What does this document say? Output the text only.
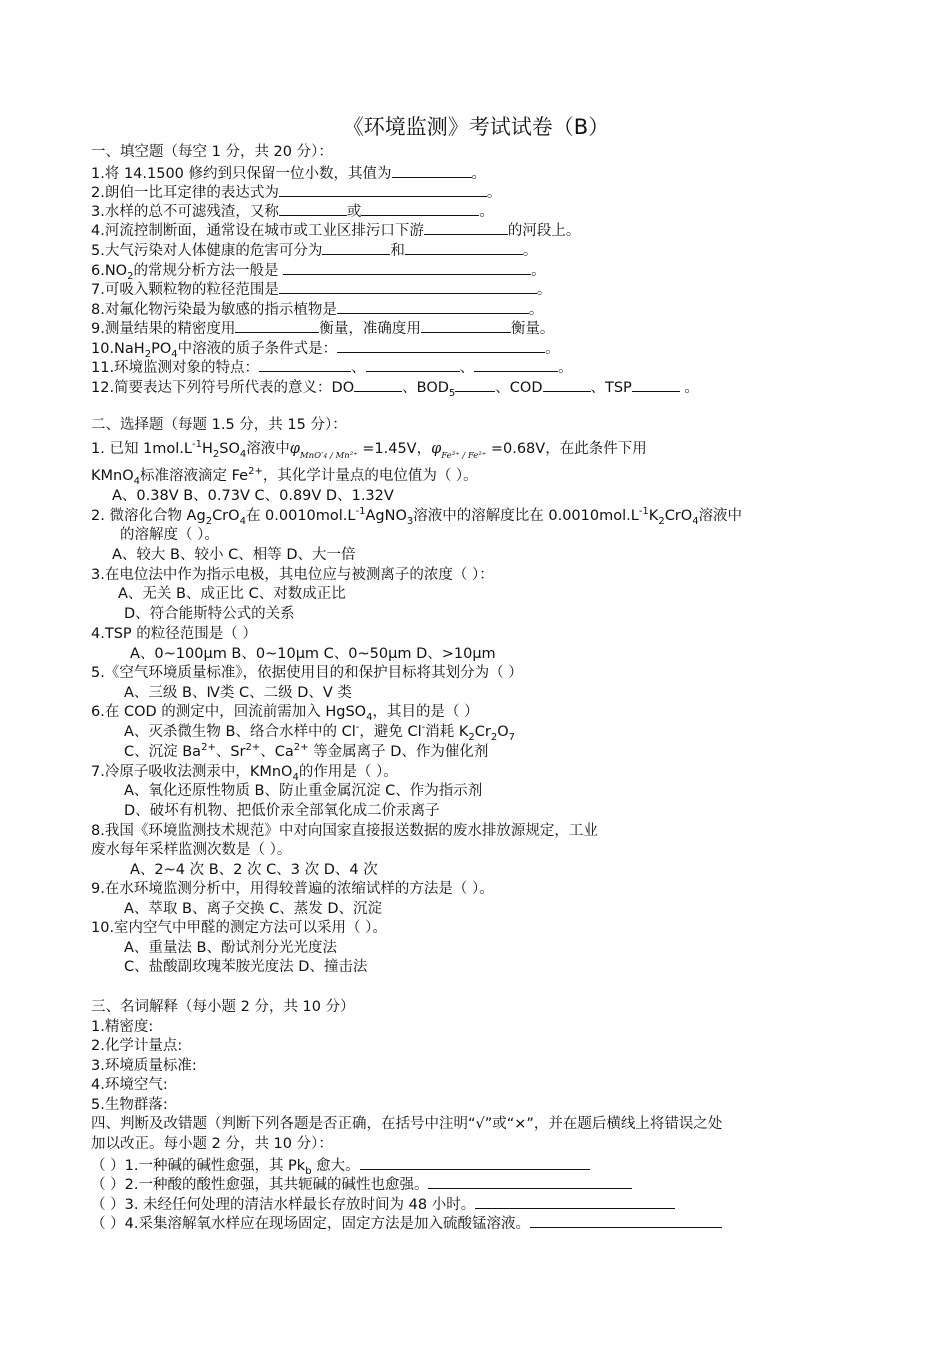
《环境监测》考试试卷（B）
一、填空题（每空 1 分，共 20 分）：
1.将 14.1500 修约到只保留一位小数，其值为	。
2.朗伯一比耳定律的表达式为	。
3.水样的总不可滤残渣，又称	或	。
4.河流控制断面，通常设在城市或工业区排污口下游	的河段上。
5.大气污染对人体健康的危害可分为	和	。
$6.NO_2$的常规分析方法一般是	。
7.可吸入颗粒物的粒径范围是	。
8.对氟化物污染最为敏感的指示植物是	。
9.测量结果的精密度用	衡量，准确度用	衡量。
$10.NaH_2PO_4$中溶液的质子条件式是：	。
11.环境监测对象的特点：	、	、	。
12.简要表达下列符号所代表的意义：DO	、$BOD_5$	、COD	、TSP	。
二、选择题（每题 1.5 分，共 15 分）：
1. 已知 $1mol.L^{-1}H_2SO_4$溶液中$\varphi_{MnO^-4 / Mn^{2+}} =1.45V$，$\varphi_{Fe^{3+} / Fe^{2+}} =0.68V$，在此条件下用
KMnO$_4$标准溶液滴定 $Fe^{2+}$，其化学计量点的电位值为（ ）。
A、0.38V B、0.73V C、0.89V D、1.32V
2. 微溶化合物 $Ag_2CrO_4$在 $0.0010mol.L^{-1}AgNO_3$溶液中的溶解度比在 $0.0010mol.L^{-1}K_2CrO_4$溶液中
的溶解度（ ）。
A、较大 B、较小 C、相等 D、大一倍
3.在电位法中作为指示电极，其电位应与被测离子的浓度（ ）：
A、无关 B、成正比 C、对数成正比
D、符合能斯特公式的关系
4.TSP 的粒径范围是（ ）
A、0~100μm B、0~10μm C、0~50μm D、>10μm
5.《空气环境质量标准》，依据使用目的和保护目标将其划分为（ ）
A、三级 B、Ⅳ类 C、二级 D、V 类
6.在 COD 的测定中，回流前需加入 HgSO$_4$，其目的是（ ）
A、灭杀微生物 B、络合水样中的 Cl-，避免 Cl-消耗 $K_2Cr_2O_7$
C、沉淀 $Ba^{2+}$、$Sr^{2+}$、$Ca^{2+}$ 等金属离子 D、作为催化剂
7.冷原子吸收法测汞中，KMnO$_4$的作用是（ ）。
A、氧化还原性物质 B、防止重金属沉淀 C、作为指示剂
D、破坏有机物、把低价汞全部氧化成二价汞离子
8.我国《环境监测技术规范》中对向国家直接报送数据的废水排放源规定，工业
废水每年采样监测次数是（ ）。
A、2~4 次 B、2 次 C、3 次 D、4 次
9.在水环境监测分析中，用得较普遍的浓缩试样的方法是（ ）。
A、萃取 B、离子交换 C、蒸发 D、沉淀
10.室内空气中甲醛的测定方法可以采用（ ）。
A、重量法 B、酚试剂分光光度法
C、盐酸副玫瑰苯胺光度法 D、撞击法
三、名词解释（每小题 2 分，共 10 分）
1.精密度:
2.化学计量点:
3.环境质量标准:
4.环境空气:
5.生物群落:
四、判断及改错题（判断下列各题是否正确，在括号中注明“√”或“×”，并在题后横线上将错误之处
加以改正。每小题 2 分，共 10 分）：
（ ）1.一种碱的碱性愈强，其 $Pk_b$ 愈大。
（ ）2.一种酸的酸性愈强，其共轭碱的碱性也愈强。
（ ）3. 未经任何处理的清洁水样最长存放时间为 48 小时。
（ ）4.采集溶解氧水样应在现场固定，固定方法是加入硫酸锰溶液。
